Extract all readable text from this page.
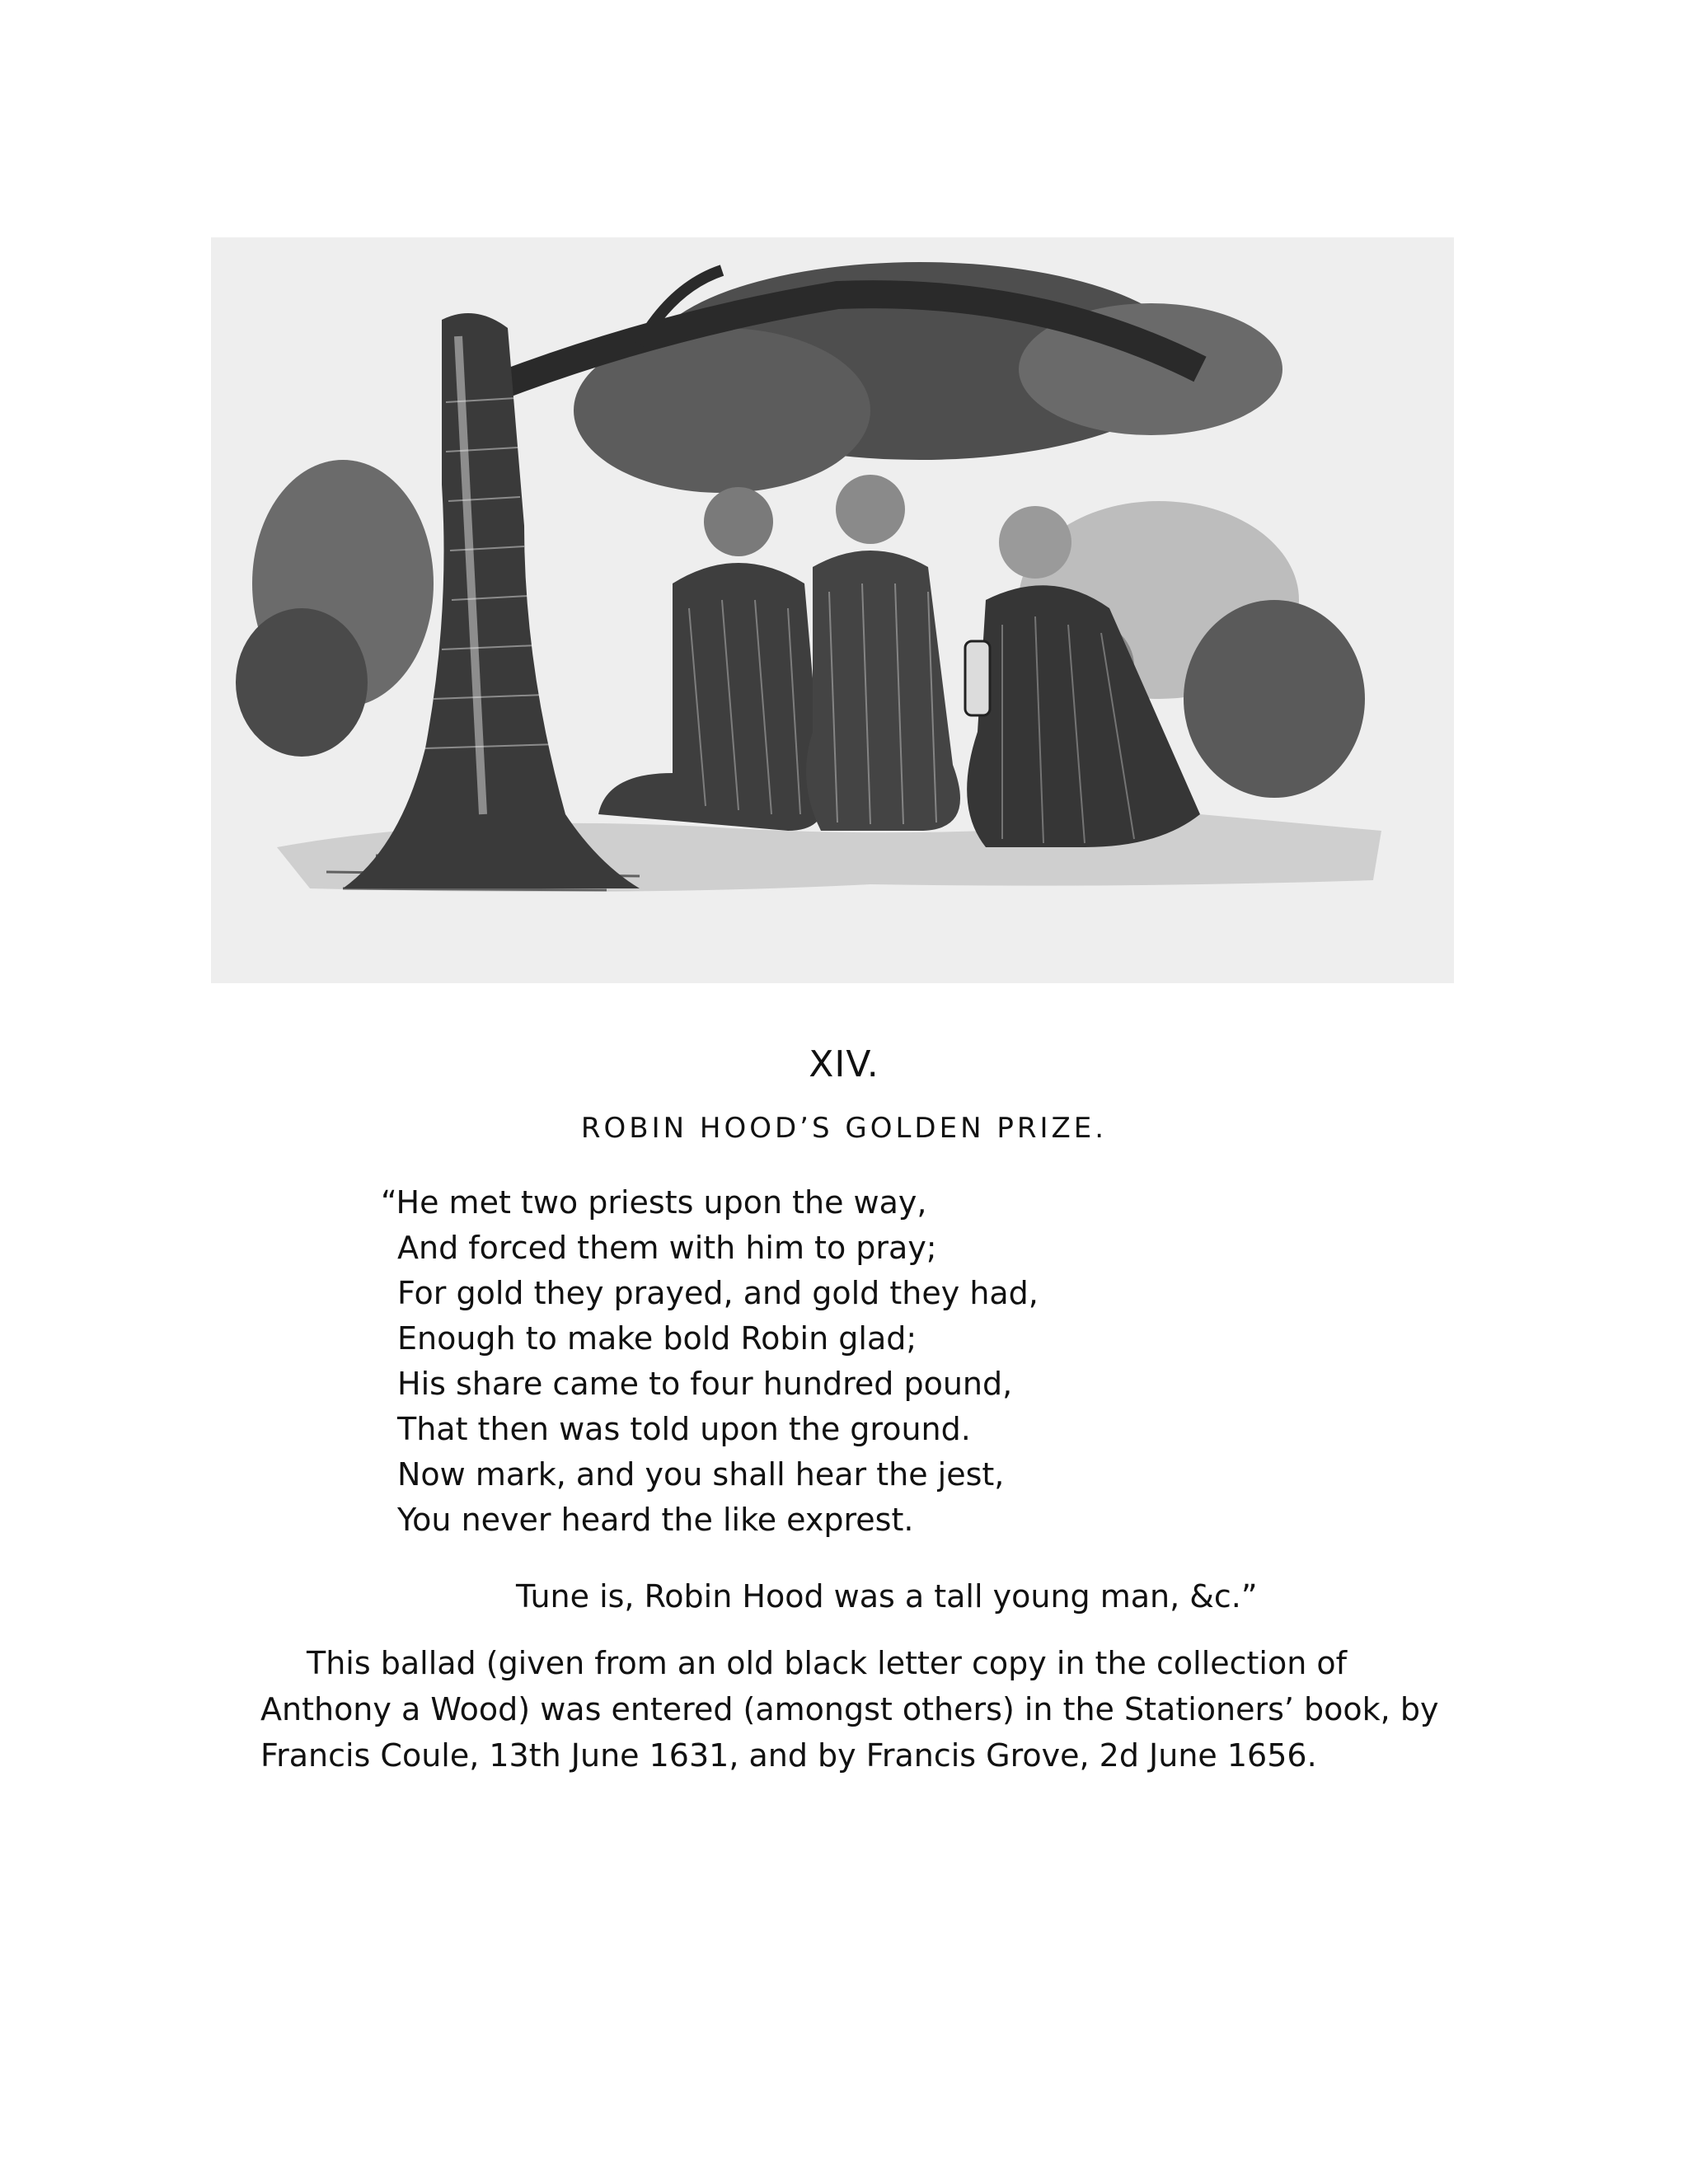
XIV.
ROBIN HOOD’S GOLDEN PRIZE.
“He met two priests upon the way,
And forced them with him to pray;
For gold they prayed, and gold they had,
Enough to make bold Robin glad;
His share came to four hundred pound,
That then was told upon the ground.
Now mark, and you shall hear the jest,
You never heard the like exprest.
Tune is, Robin Hood was a tall young man, &c.”
This ballad (given from an old black letter copy in the collection of
Anthony a Wood) was entered (amongst others) in the Stationers’ book, by
Francis Coule, 13th June 1631, and by Francis Grove, 2d June 1656.
